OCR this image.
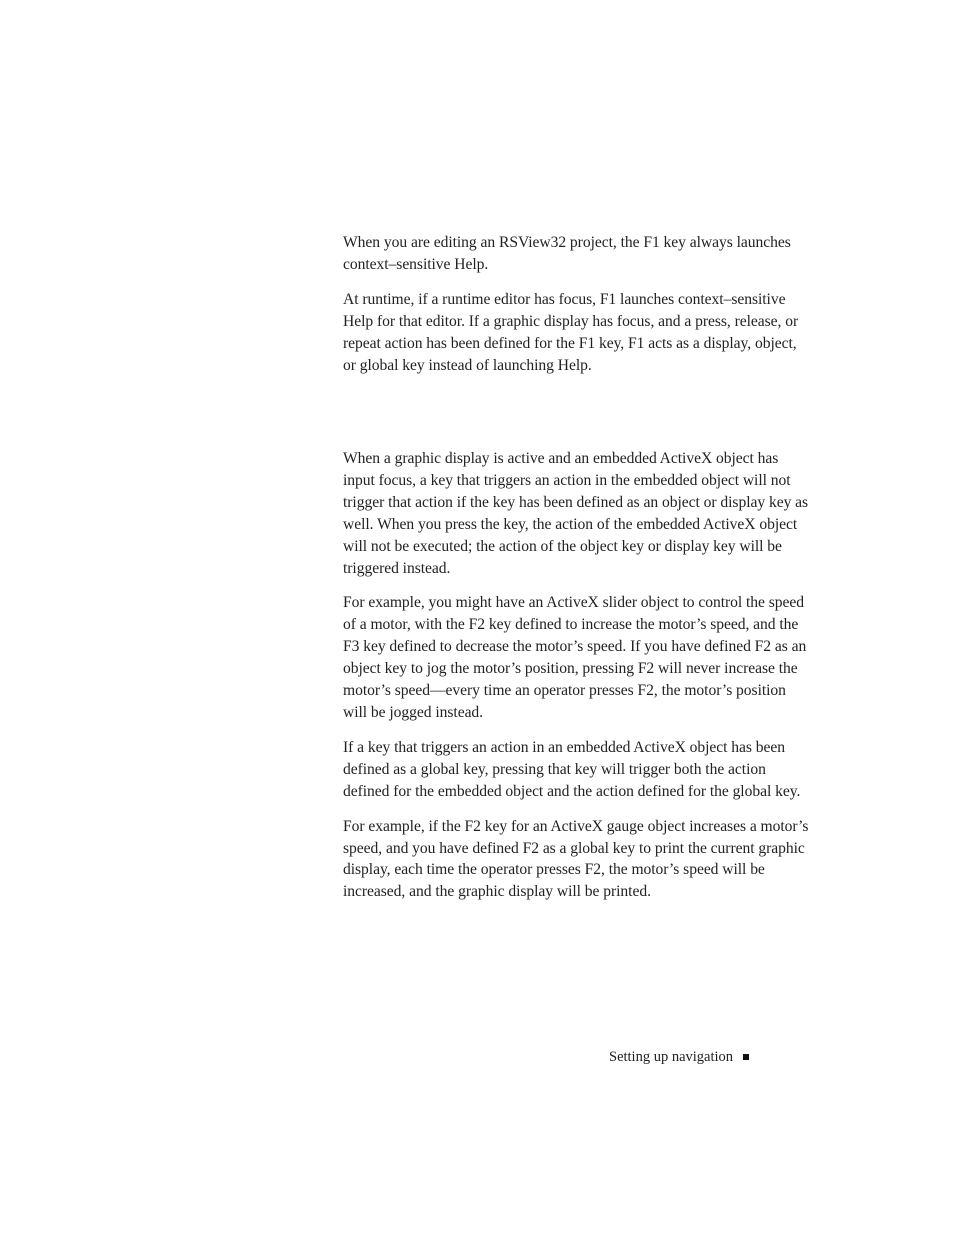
When you are editing an RSView32 project, the F1 key always launches context–sensitive Help.

At runtime, if a runtime editor has focus, F1 launches context–sensitive Help for that editor. If a graphic display has focus, and a press, release, or repeat action has been defined for the F1 key, F1 acts as a display, object, or global key instead of launching Help.

When a graphic display is active and an embedded ActiveX object has input focus, a key that triggers an action in the embedded object will not trigger that action if the key has been defined as an object or display key as well. When you press the key, the action of the embedded ActiveX object will not be executed; the action of the object key or display key will be triggered instead.

For example, you might have an ActiveX slider object to control the speed of a motor, with the F2 key defined to increase the motor’s speed, and the F3 key defined to decrease the motor’s speed. If you have defined F2 as an object key to jog the motor’s position, pressing F2 will never increase the motor’s speed—every time an operator presses F2, the motor’s position will be jogged instead.

If a key that triggers an action in an embedded ActiveX object has been defined as a global key, pressing that key will trigger both the action defined for the embedded object and the action defined for the global key.

For example, if the F2 key for an ActiveX gauge object increases a motor’s speed, and you have defined F2 as a global key to print the current graphic display, each time the operator presses F2, the motor’s speed will be increased, and the graphic display will be printed.

Setting up navigation
